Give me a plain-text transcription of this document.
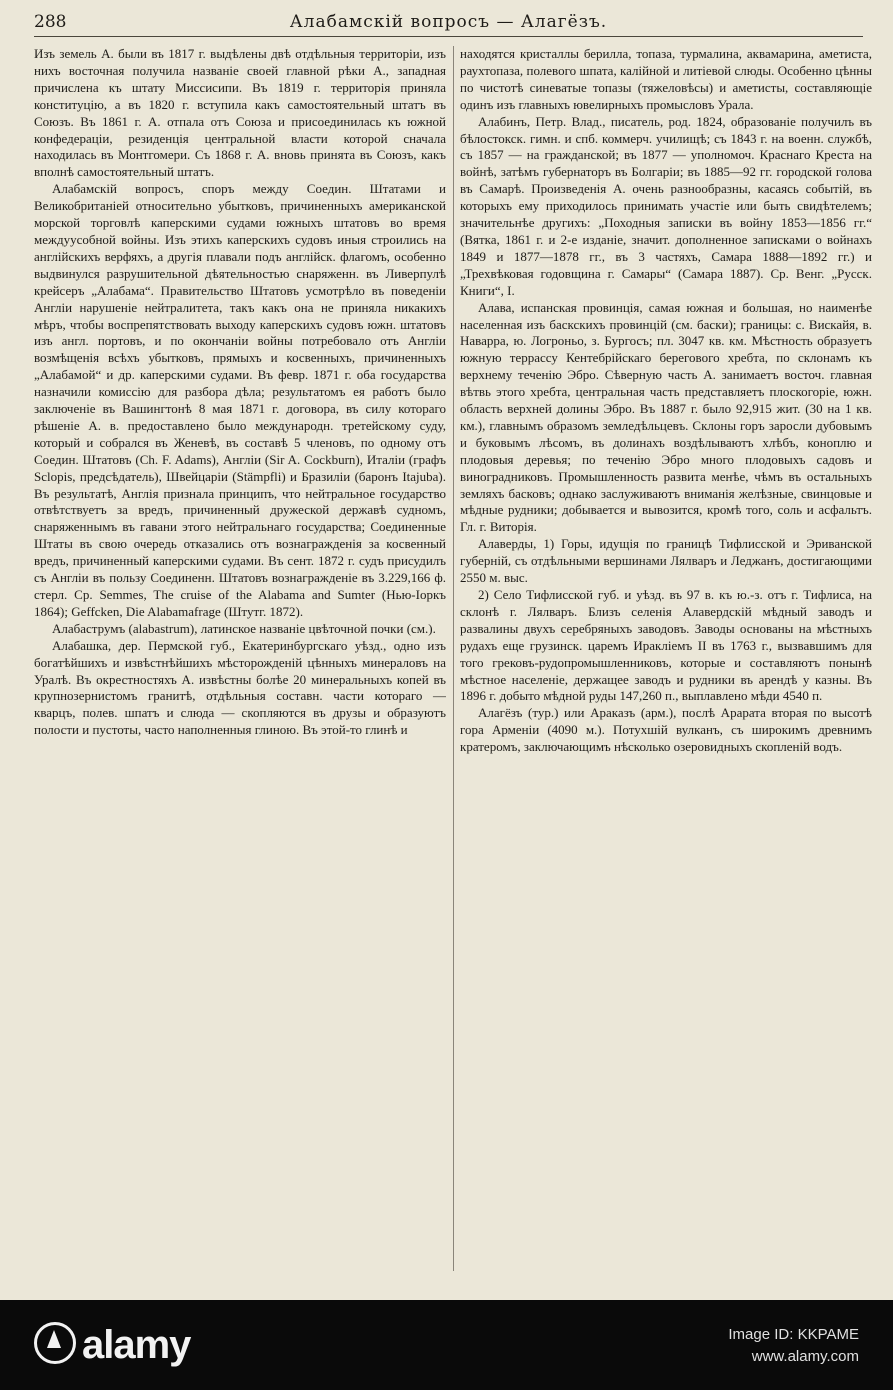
288	Алабамскій вопросъ — Алагёзъ.

Изъ земель А. были въ 1817 г. выдѣлены двѣ отдѣльныя территоріи, изъ нихъ восточная получила названіе своей главной рѣки А., западная причислена къ штату Миссисипи. Въ 1819 г. территорія приняла конституцію, а въ 1820 г. вступила какъ самостоятельный штатъ въ Союзъ. Въ 1861 г. А. отпала отъ Союза и присоединилась къ южной конфедераціи, резиденція центральной власти которой сначала находилась въ Монтгомери. Съ 1868 г. А. вновь принята въ Союзъ, какъ вполнѣ самостоятельный штатъ.

Алабамскій вопросъ, споръ между Соедин. Штатами и Великобританіей относительно убытковъ, причиненныхъ американской морской торговлѣ каперскими судами южныхъ штатовъ во время междуусобной войны. Изъ этихъ каперскихъ судовъ иныя строились на англійскихъ верфяхъ, а другія плавали подъ англійск. флагомъ, особенно выдвинулся разрушительной дѣятельностью снаряженн. въ Ливерпулѣ крейсеръ „Алабама“. Правительство Штатовъ усмотрѣло въ поведеніи Англіи нарушеніе нейтралитета, такъ какъ она не приняла никакихъ мѣръ, чтобы воспрепятствовать выходу каперскихъ судовъ южн. штатовъ изъ англ. портовъ, и по окончаніи войны потребовало отъ Англіи возмѣщенія всѣхъ убытковъ, прямыхъ и косвенныхъ, причиненныхъ „Алабамой“ и др. каперскими судами. Въ февр. 1871 г. оба государства назначили комиссію для разбора дѣла; результатомъ ея работъ было заключеніе въ Вашингтонѣ 8 мая 1871 г. договора, въ силу котораго рѣшеніе А. в. предоставлено было международн. третейскому суду, который и собрался въ Женевѣ, въ составѣ 5 членовъ, по одному отъ Соедин. Штатовъ (Ch. F. Adams), Англіи (Sir A. Cockburn), Италіи (графъ Sclopis, предсѣдатель), Швейцаріи (Stämpfli) и Бразиліи (баронъ Itajuba). Въ результатѣ, Англія признала принципъ, что нейтральное государство отвѣтствуетъ за вредъ, причиненный дружеской державѣ судномъ, снаряженнымъ въ гавани этого нейтральнаго государства; Соединенные Штаты въ свою очередь отказались отъ вознагражденія за косвенный вредъ, причиненный каперскими судами. Въ сент. 1872 г. судъ присудилъ съ Англіи въ пользу Соединенн. Штатовъ вознагражденіе въ 3.229,166 ф. стерл. Ср. Semmes, The cruise of the Alabama and Sumter (Нью-Іоркъ 1864); Geffcken, Die Alabamafrage (Штутг. 1872).

Алабаструмъ (alabastrum), латинское названіе цвѣточной почки (см.).

Алабашка, дер. Пермской губ., Екатеринбургскаго уѣзд., одно изъ богатѣйшихъ и извѣстнѣйшихъ мѣсторожденій цѣнныхъ минераловъ на Уралѣ. Въ окрестностяхъ А. извѣстны болѣе 20 минеральныхъ копей въ крупнозернистомъ гранитѣ, отдѣльныя составн. части котораго — кварцъ, полев. шпатъ и слюда — скопляются въ друзы и образуютъ полости и пустоты, часто наполненныя глиною. Въ этой-то глинѣ и

находятся кристаллы берилла, топаза, турмалина, аквамарина, аметиста, раухтопаза, полевого шпата, калійной и литіевой слюды. Особенно цѣнны по чистотѣ синеватые топазы (тяжеловѣсы) и аметисты, составляющіе одинъ изъ главныхъ ювелирныхъ промысловъ Урала.

Алабинъ, Петр. Влад., писатель, род. 1824, образованіе получилъ въ бѣлостокск. гимн. и спб. коммерч. училищѣ; съ 1843 г. на военн. службѣ, съ 1857 — на гражданской; въ 1877 — уполномоч. Краснаго Креста на войнѣ, затѣмъ губернаторъ въ Болгаріи; въ 1885—92 гг. городской голова въ Самарѣ. Произведенія А. очень разнообразны, касаясь событій, въ которыхъ ему приходилось принимать участіе или быть свидѣтелемъ; значительнѣе другихъ: „Походныя записки въ войну 1853—1856 гг.“ (Вятка, 1861 г. и 2-е изданіе, значит. дополненное записками о войнахъ 1849 и 1877—1878 гг., въ 3 частяхъ, Самара 1888—1892 гг.) и „Трехвѣковая годовщина г. Самары“ (Самара 1887). Ср. Венг. „Русск. Книги“, I.

Алава, испанская провинція, самая южная и большая, но наименѣе населенная изъ баскскихъ провинцій (см. баски); границы: с. Вискайя, в. Наварра, ю. Логроньо, з. Бургосъ; пл. 3047 кв. км. Мѣстность образуетъ южную террассу Кентебрійскаго берегового хребта, по склонамъ къ верхнему теченію Эбро. Сѣверную часть А. занимаетъ восточ. главная вѣтвь этого хребта, центральная часть представляетъ плоскогоріе, южн. область верхней долины Эбро. Въ 1887 г. было 92,915 жит. (30 на 1 кв. км.), главнымъ образомъ земледѣльцевъ. Склоны горъ заросли дубовымъ и буковымъ лѣсомъ, въ долинахъ воздѣлываютъ хлѣбъ, коноплю и плодовыя деревья; по теченію Эбро много плодовыхъ садовъ и виноградниковъ. Промышленность развита менѣе, чѣмъ въ остальныхъ земляхъ басковъ; однако заслуживаютъ вниманія желѣзные, свинцовые и мѣдные рудники; добывается и вывозится, кромѣ того, соль и асфальтъ. Гл. г. Виторія.

Алаверды, 1) Горы, идущія по границѣ Тифлисской и Эриванской губерній, съ отдѣльными вершинами Лялваръ и Леджанъ, достигающими 2550 м. выс.

2) Село Тифлисской губ. и уѣзд. въ 97 в. къ ю.-з. отъ г. Тифлиса, на склонѣ г. Лялваръ. Близъ селенія Алавердскій мѣдный заводъ и развалины двухъ серебряныхъ заводовъ. Заводы основаны на мѣстныхъ рудахъ еще грузинск. царемъ Иракліемъ II въ 1763 г., вызвавшимъ для того грековъ-рудопромышленниковъ, которые и составляютъ понынѣ мѣстное населеніе, держащее заводъ и рудники въ арендѣ у казны. Въ 1896 г. добыто мѣдной руды 147,260 п., выплавлено мѣди 4540 п.

Алагёзъ (тур.) или Араказъ (арм.), послѣ Арарата вторая по высотѣ гора Арменіи (4090 м.). Потухшій вулканъ, съ широкимъ древнимъ кратеромъ, заключающимъ нѣсколько озеровидныхъ скопленій водъ.

alamy	Image ID: KKPAME
www.alamy.com
